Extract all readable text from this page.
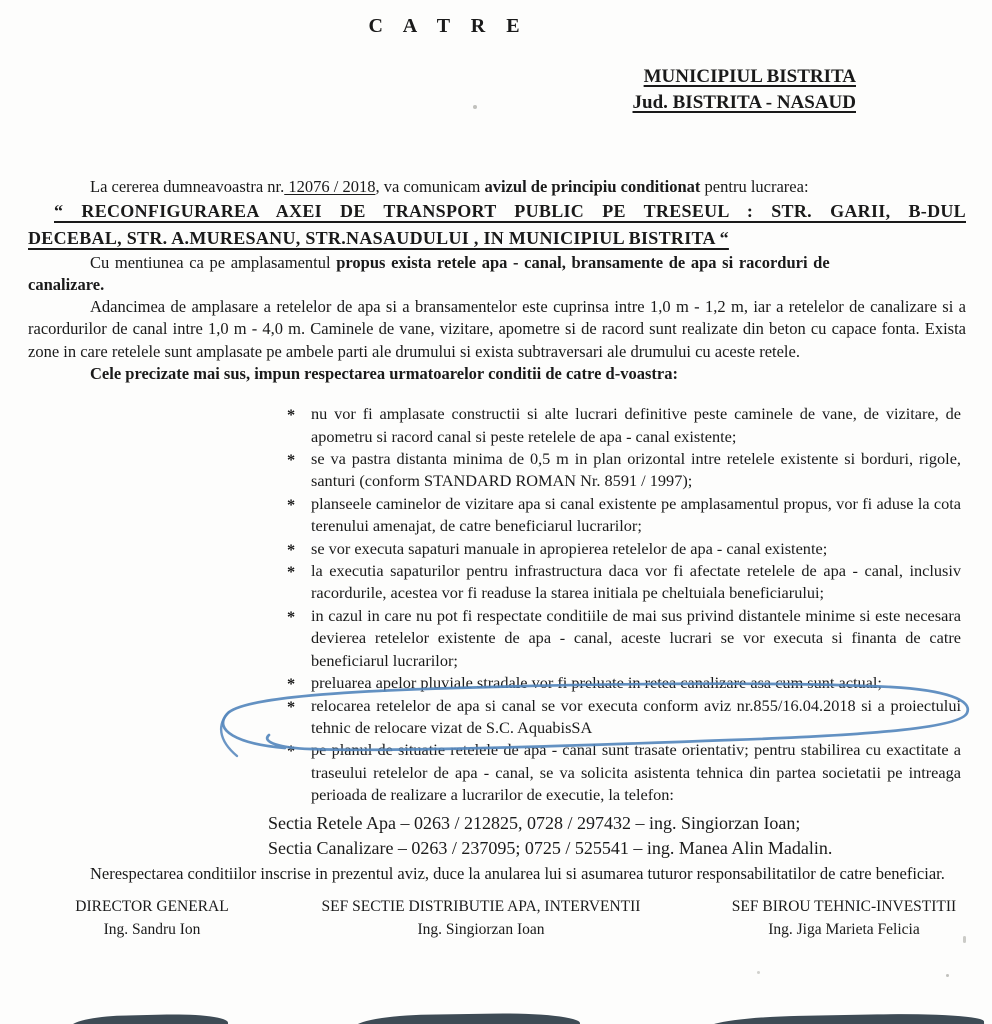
C A T R E
MUNICIPIUL BISTRITA
Jud. BISTRITA - NASAUD

La cererea dumneavoastra nr. 12076 / 2018, va comunicam avizul de principiu conditionat pentru lucrarea:

“ RECONFIGURAREA AXEI DE TRANSPORT PUBLIC PE TRESEUL : STR. GARII, B-DUL
DECEBAL, STR. A.MURESANU, STR.NASAUDULUI , IN MUNICIPIUL BISTRITA “

Cu mentiunea ca pe amplasamentul propus exista retele apa - canal, bransamente de apa si racorduri de
canalizare.

Adancimea de amplasare a retelelor de apa si a bransamentelor este cuprinsa intre 1,0 m - 1,2 m, iar a retelelor de canalizare si a racordurilor de canal intre 1,0 m - 4,0 m. Caminele de vane, vizitare, apometre si de racord sunt realizate din beton cu capace fonta. Exista zone in care retelele sunt amplasate pe ambele parti ale drumului si exista subtraversari ale drumului cu aceste retele.

Cele precizate mai sus, impun respectarea urmatoarelor conditii de catre d-voastra:

* nu vor fi amplasate constructii si alte lucrari definitive peste caminele de vane, de vizitare, de apometru si racord canal si peste retelele de apa - canal existente;
* se va pastra distanta minima de 0,5 m in plan orizontal intre retelele existente si borduri, rigole, santuri (conform STANDARD ROMAN Nr. 8591 / 1997);
* planseele caminelor de vizitare apa si canal existente pe amplasamentul propus, vor fi aduse la cota terenului amenajat, de catre beneficiarul lucrarilor;
* se vor executa sapaturi manuale in apropierea retelelor de apa - canal existente;
* la executia sapaturilor pentru infrastructura daca vor fi afectate retelele de apa - canal, inclusiv racordurile, acestea vor fi readuse la starea initiala pe cheltuiala beneficiarului;
* in cazul in care nu pot fi respectate conditiile de mai sus privind distantele minime si este necesara devierea retelelor existente de apa - canal, aceste lucrari se vor executa si finanta de catre beneficiarul lucrarilor;
* preluarea apelor pluviale stradale vor fi preluate in retea canalizare asa cum sunt actual;
* relocarea retelelor de apa si canal se vor executa conform aviz nr.855/16.04.2018 si a proiectului tehnic de relocare vizat de S.C. AquabisSA
* pe planul de situatie retelele de apa - canal sunt trasate orientativ; pentru stabilirea cu exactitate a traseului retelelor de apa - canal, se va solicita asistenta tehnica din partea societatii pe intreaga perioada de realizare a lucrarilor de executie, la telefon:
Sectia Retele Apa – 0263 / 212825, 0728 / 297432 – ing. Singiorzan Ioan;
Sectia Canalizare – 0263 / 237095; 0725 / 525541 – ing. Manea Alin Madalin.

Nerespectarea conditiilor inscrise in prezentul aviz, duce la anularea lui si asumarea tuturor responsabilitatilor de catre beneficiar.

DIRECTOR GENERAL
Ing. Sandru Ion
SEF SECTIE DISTRIBUTIE APA, INTERVENTII
Ing. Singiorzan Ioan
SEF BIROU TEHNIC-INVESTITII
Ing. Jiga Marieta Felicia
